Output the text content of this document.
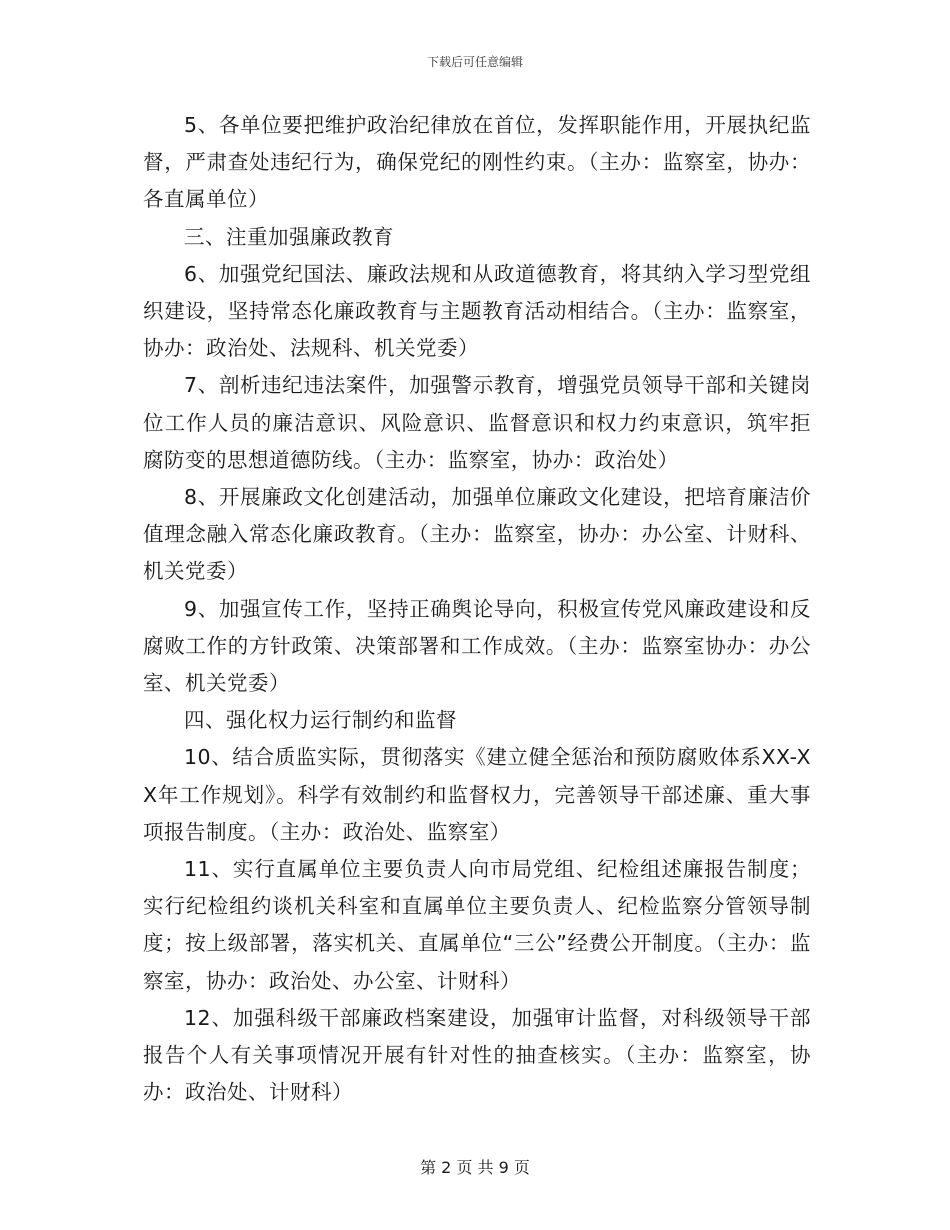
下载后可任意编辑

5、各单位要把维护政治纪律放在首位，发挥职能作用，开展执纪监督，严肃查处违纪行为，确保党纪的刚性约束。（主办：监察室，协办：各直属单位）

三、注重加强廉政教育

6、加强党纪国法、廉政法规和从政道德教育，将其纳入学习型党组织建设，坚持常态化廉政教育与主题教育活动相结合。（主办：监察室，协办：政治处、法规科、机关党委）

7、剖析违纪违法案件，加强警示教育，增强党员领导干部和关键岗位工作人员的廉洁意识、风险意识、监督意识和权力约束意识，筑牢拒腐防变的思想道德防线。（主办：监察室，协办：政治处）

8、开展廉政文化创建活动，加强单位廉政文化建设，把培育廉洁价值理念融入常态化廉政教育。（主办：监察室，协办：办公室、计财科、机关党委）

9、加强宣传工作，坚持正确舆论导向，积极宣传党风廉政建设和反腐败工作的方针政策、决策部署和工作成效。（主办：监察室协办：办公室、机关党委）

四、强化权力运行制约和监督

10、结合质监实际，贯彻落实《建立健全惩治和预防腐败体系XX-XX年工作规划》。科学有效制约和监督权力，完善领导干部述廉、重大事项报告制度。（主办：政治处、监察室）

11、实行直属单位主要负责人向市局党组、纪检组述廉报告制度；实行纪检组约谈机关科室和直属单位主要负责人、纪检监察分管领导制度；按上级部署，落实机关、直属单位“三公”经费公开制度。（主办：监察室，协办：政治处、办公室、计财科）

12、加强科级干部廉政档案建设，加强审计监督，对科级领导干部报告个人有关事项情况开展有针对性的抽查核实。（主办：监察室，协办：政治处、计财科）

第 2 页 共 9 页
